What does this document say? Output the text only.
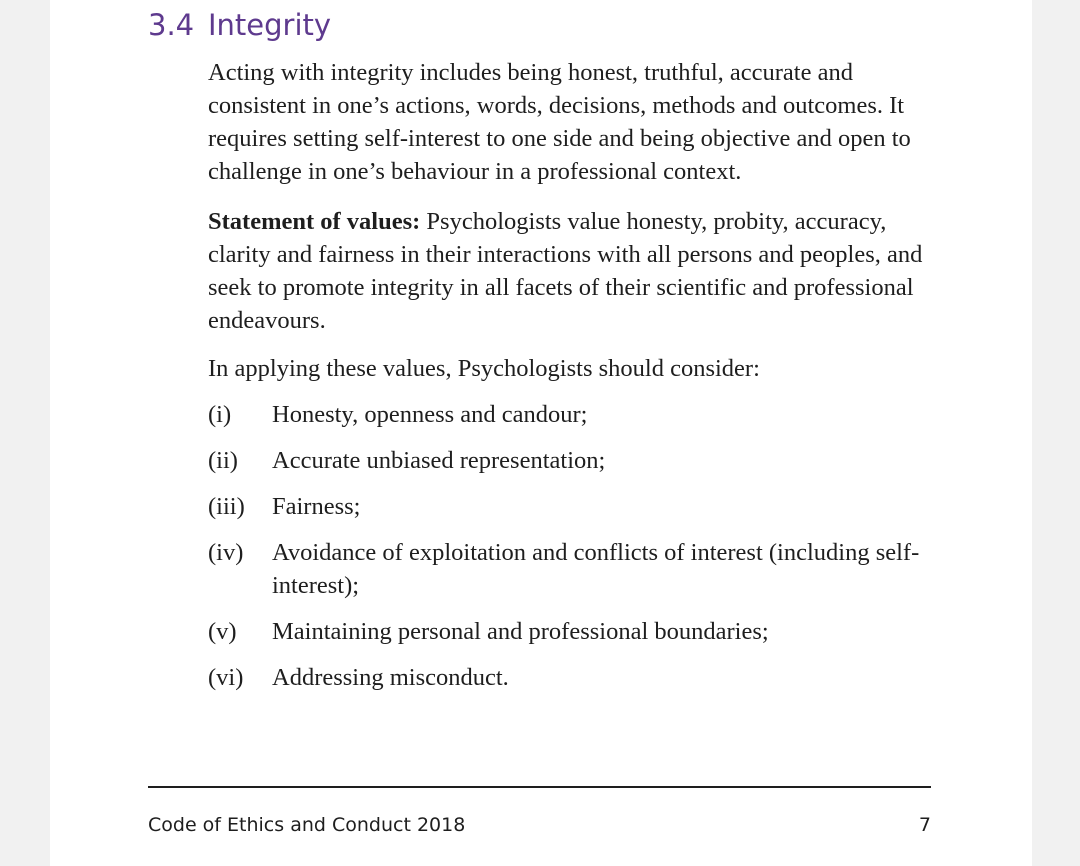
3.4 Integrity

Acting with integrity includes being honest, truthful, accurate and consistent in one’s actions, words, decisions, methods and outcomes. It requires setting self-interest to one side and being objective and open to challenge in one’s behaviour in a professional context.

Statement of values: Psychologists value honesty, probity, accuracy, clarity and fairness in their interactions with all persons and peoples, and seek to promote integrity in all facets of their scientific and professional endeavours.

In applying these values, Psychologists should consider:

(i)	Honesty, openness and candour;
(ii)	Accurate unbiased representation;
(iii)	Fairness;
(iv)	Avoidance of exploitation and conflicts of interest (including self-interest);
(v)	Maintaining personal and professional boundaries;
(vi)	Addressing misconduct.
Code of Ethics and Conduct 2018	7
